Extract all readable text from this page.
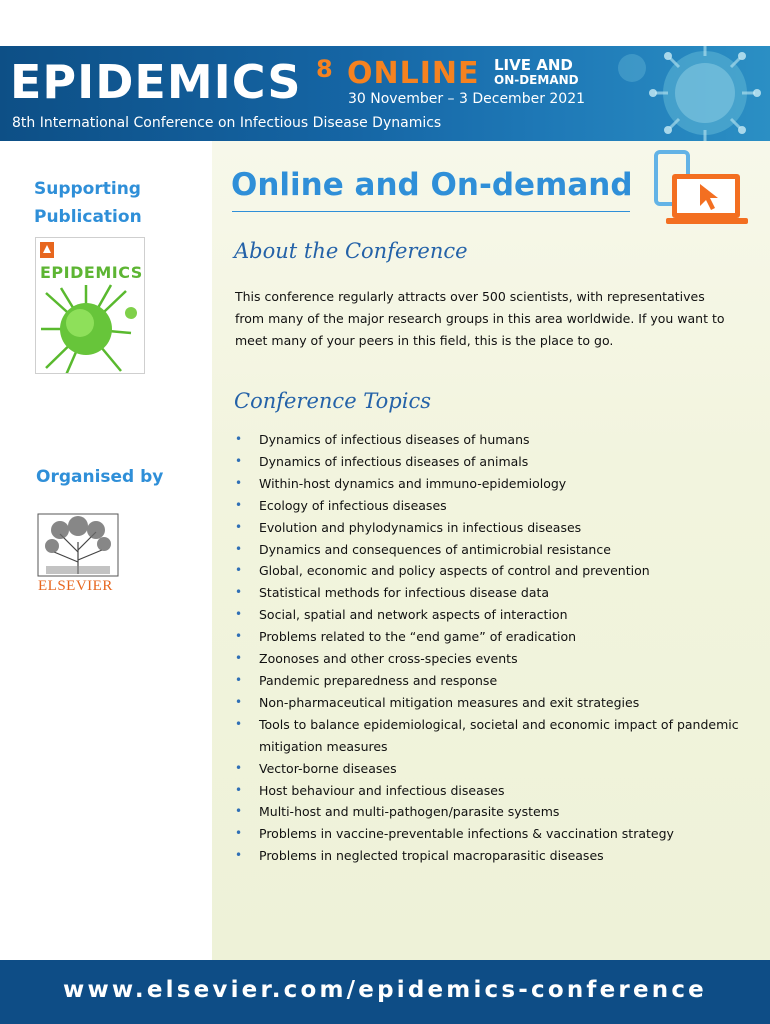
EPIDEMICS 8 ONLINE LIVE AND
ON-DEMAND
30 November – 3 December 2021
8th International Conference on Infectious Disease Dynamics
Supporting
Publication
EPIDEMICS
Organised by
ELSEVIER
Online and On-demand
About the Conference

This conference regularly attracts over 500 scientists, with representatives from many of the major research groups in this area worldwide. If you want to meet many of your peers in this field, this is the place to go.

Conference Topics
• Dynamics of infectious diseases of humans
• Dynamics of infectious diseases of animals
• Within-host dynamics and immuno-epidemiology
• Ecology of infectious diseases
• Evolution and phylodynamics in infectious diseases
• Dynamics and consequences of antimicrobial resistance
• Global, economic and policy aspects of control and prevention
• Statistical methods for infectious disease data
• Social, spatial and network aspects of interaction
• Problems related to the “end game” of eradication
• Zoonoses and other cross-species events
• Pandemic preparedness and response
• Non-pharmaceutical mitigation measures and exit strategies
• Tools to balance epidemiological, societal and economic impact of pandemic mitigation measures
• Vector-borne diseases
• Host behaviour and infectious diseases
• Multi-host and multi-pathogen/parasite systems
• Problems in vaccine-preventable infections & vaccination strategy
• Problems in neglected tropical macroparasitic diseases
www.elsevier.com/epidemics-conference
